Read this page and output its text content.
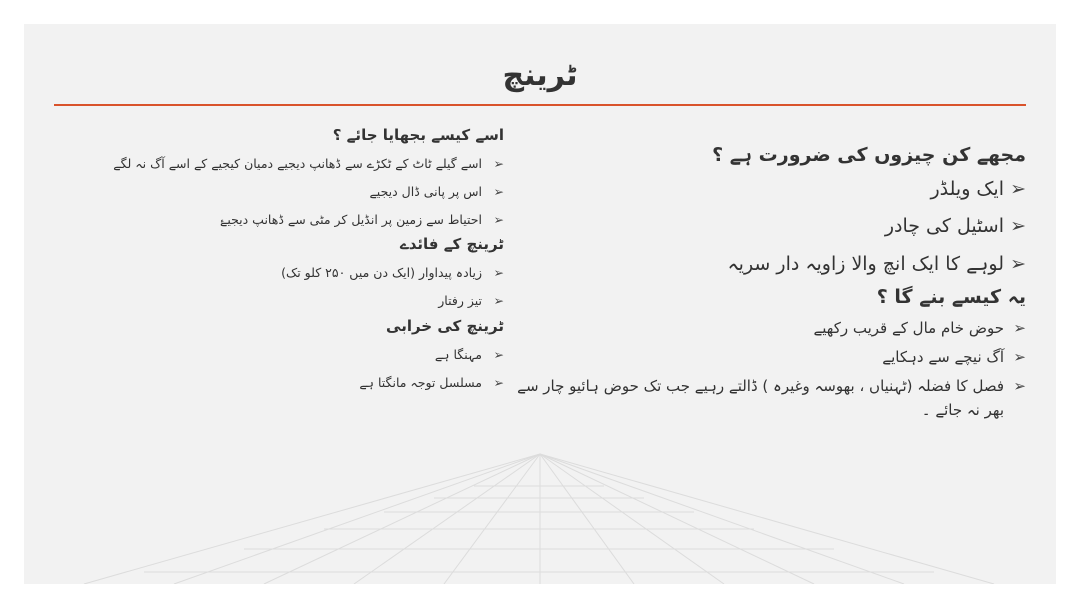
ٹرینچ
مجھے کن چیزوں کی ضرورت ہے ؟
➢
ایک ویلڈر
➢
اسٹیل کی چادر
➢
لوہے کا ایک انچ والا زاویہ دار سریہ
یہ کیسے بنے گا ؟
➢
حوض خام مال کے قریب رکھیے
➢
آگ نیچے سے دہکایے
➢
فصل کا فضلہ (ٹہنیاں ، بھوسہ وغیرہ ) ڈالتے رہیے جب تک حوض ہائیو چار سے بھر نہ جائے ۔
اسے کیسے بجھایا جائے ؟
➢
اسے گیلے ٹاٹ کے ٹکڑے سے ڈھانپ دیجیے دمیان کیجیے کے اسے آگ نہ لگے
➢
اس پر پانی ڈال دیجیے
➢
احتیاط سے زمین پر انڈیل کر مٹی سے ڈھانپ دیجیۓ
ٹرینچ کے فائدے
➢
زیادہ پیداوار (ایک دن میں ۲۵۰ کلو تک)
➢
تیز رفتار
ٹرینچ کی خرابی
➢
مہنگا ہے
➢
مسلسل توجہ مانگتا ہے
